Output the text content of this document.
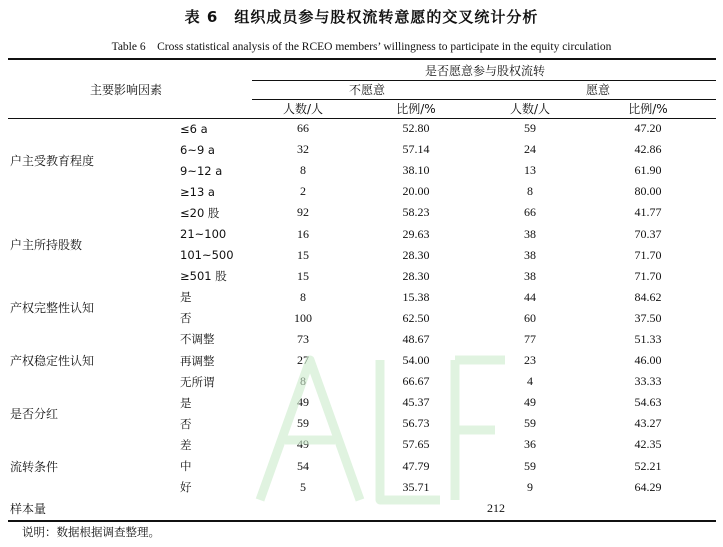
表 6　组织成员参与股权流转意愿的交叉统计分析
Table 6　Cross statistical analysis of the RCEO members’ willingness to participate in the equity circulation
主要影响因素		是否愿意参与股权流转			
		不愿意		愿意	
		人数/人	比例/%	人数/人	比例/%
户主受教育程度	≤6 a	66	52.80	59	47.20
	6~9 a	32	57.14	24	42.86
	9~12 a	8	38.10	13	61.90
	≥13 a	2	20.00	8	80.00
户主所持股数	≤20 股	92	58.23	66	41.77
	21~100	16	29.63	38	70.37
	101~500	15	28.30	38	71.70
	≥501 股	15	28.30	38	71.70
产权完整性认知	是	8	15.38	44	84.62
	否	100	62.50	60	37.50
产权稳定性认知	不调整	73	48.67	77	51.33
	再调整	27	54.00	23	46.00
	无所谓	8	66.67	4	33.33
是否分红	是	49	45.37	49	54.63
	否	59	56.73	59	43.27
流转条件	差	49	57.65	36	42.35
	中	54	47.79	59	52.21
	好	5	35.71	9	64.29
样本量	212				
说明：数据根据调查整理。
